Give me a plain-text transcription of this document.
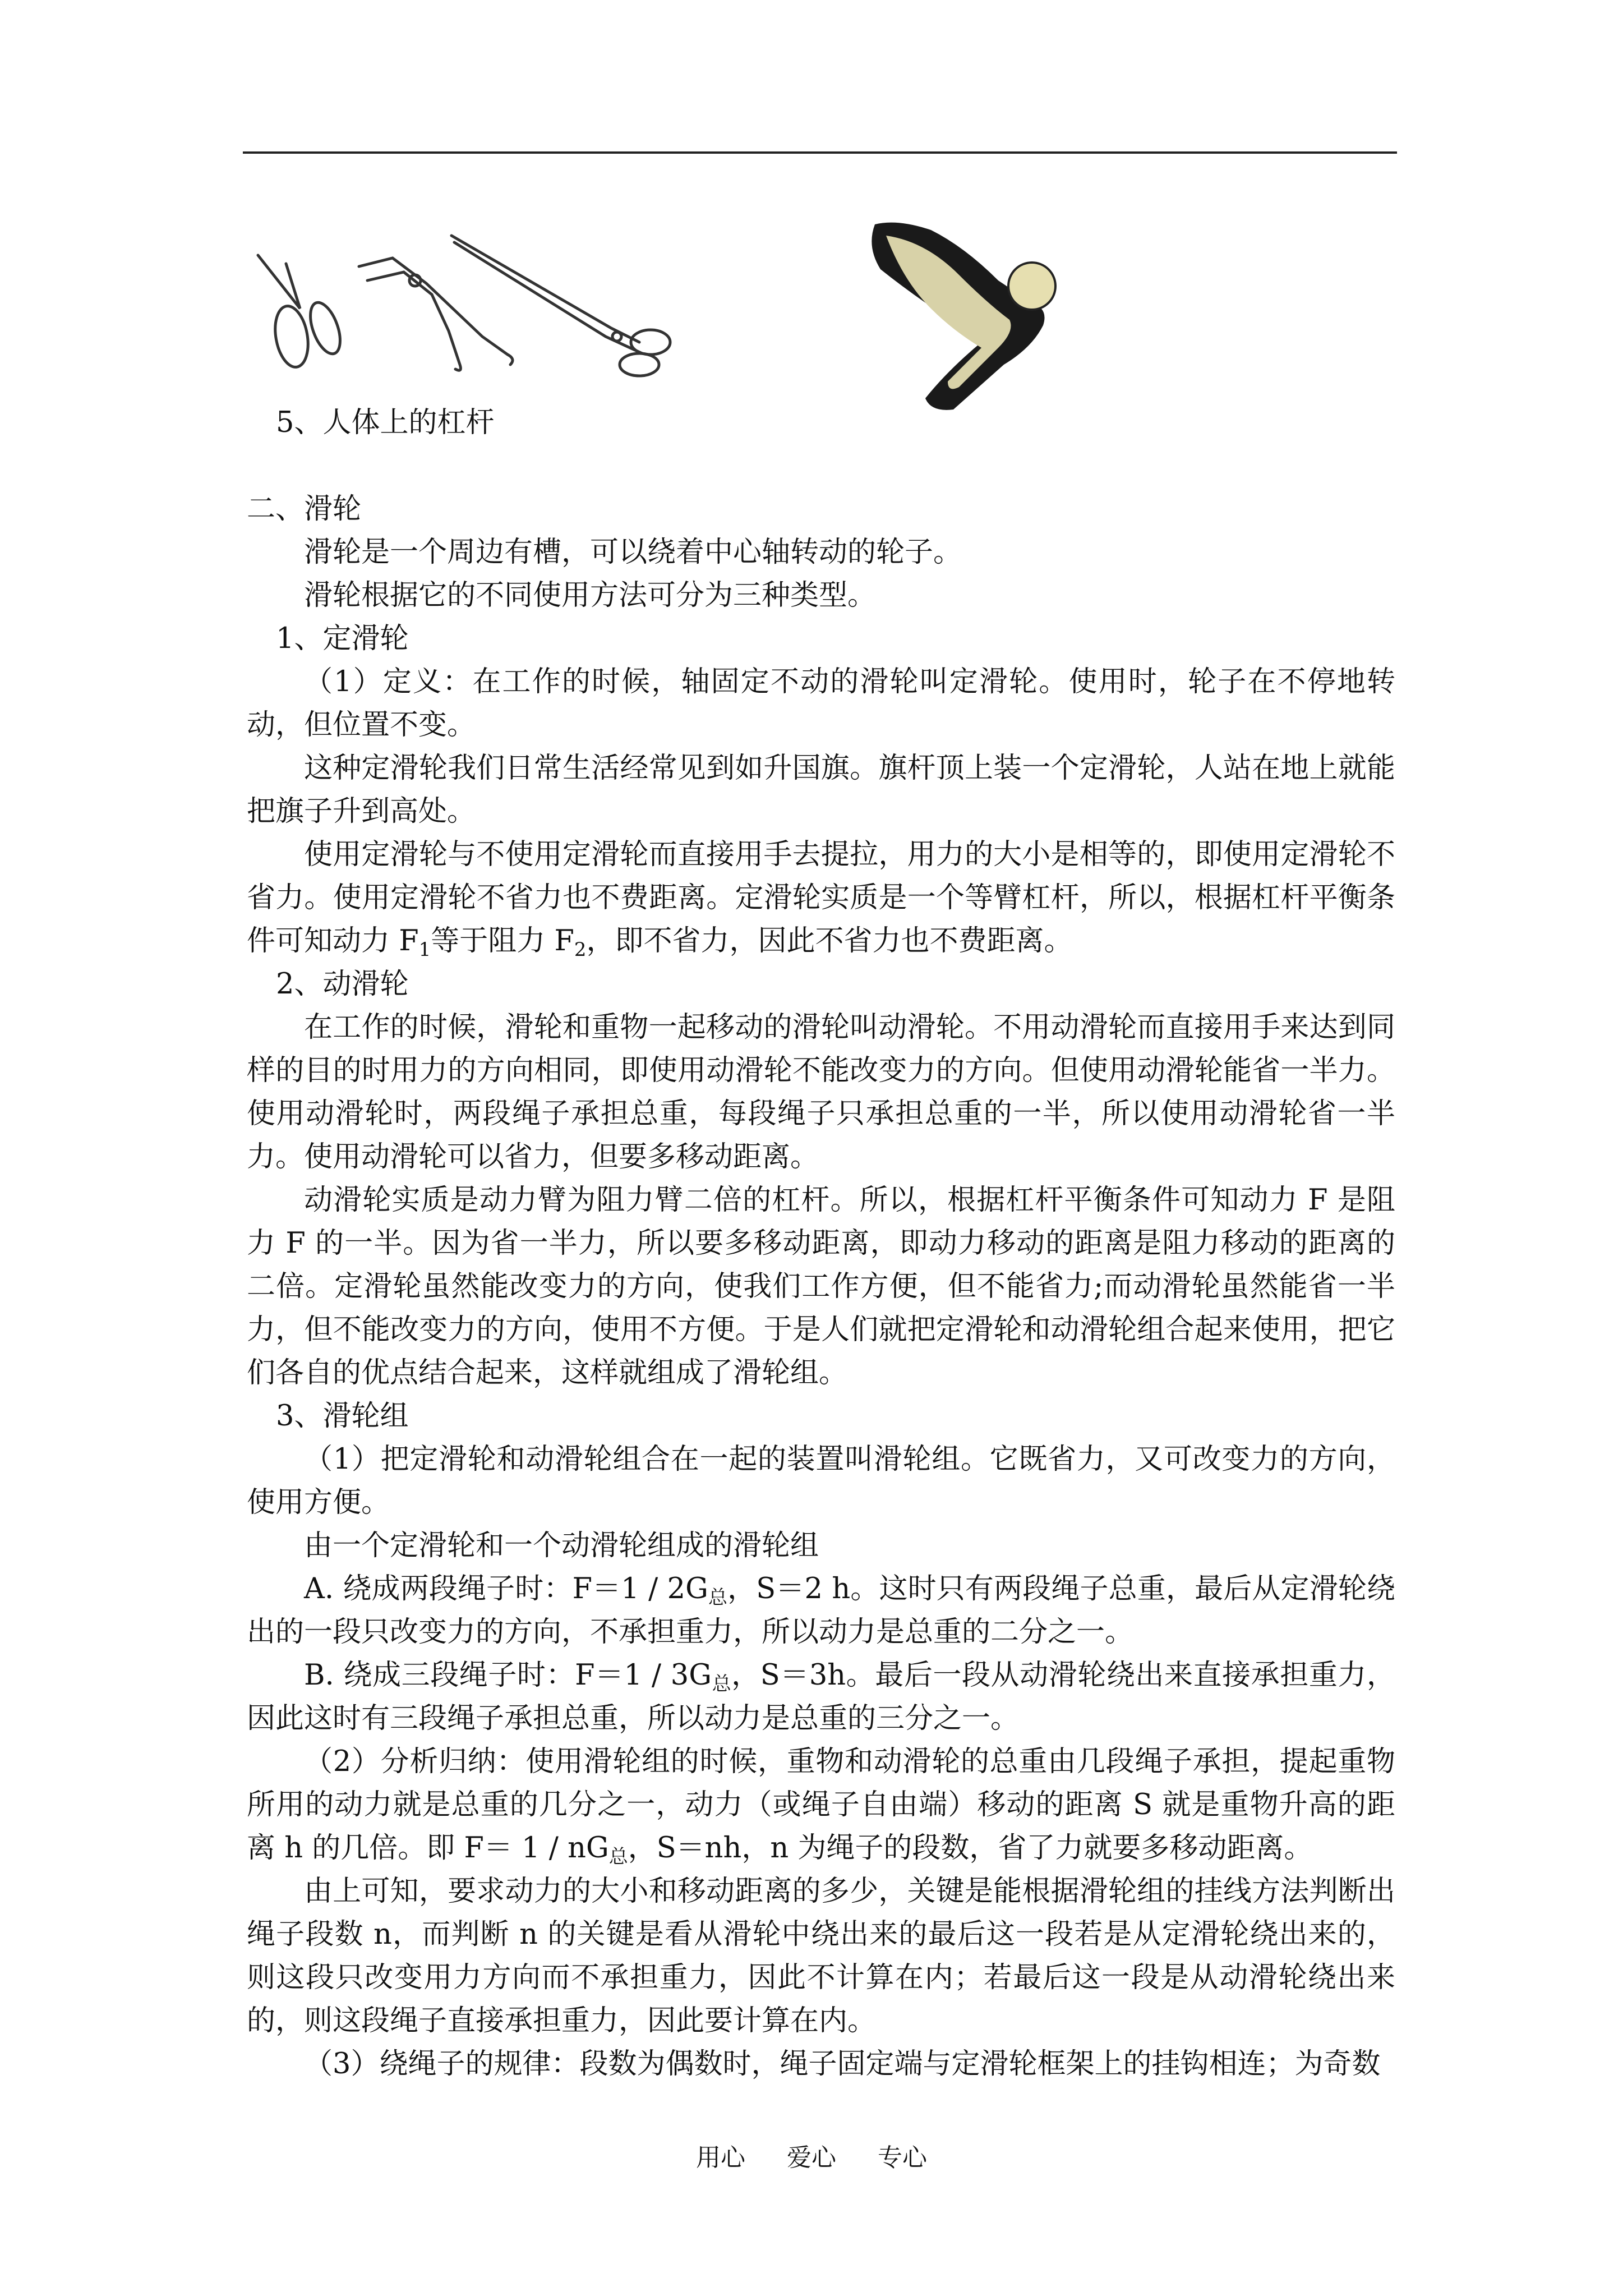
5、人体上的杠杆

二、滑轮

滑轮是一个周边有槽，可以绕着中心轴转动的轮子。

滑轮根据它的不同使用方法可分为三种类型。

1、定滑轮

（1）定义：在工作的时候，轴固定不动的滑轮叫定滑轮。使用时，轮子在不停地转动，但位置不变。

这种定滑轮我们日常生活经常见到如升国旗。旗杆顶上装一个定滑轮，人站在地上就能把旗子升到高处。

使用定滑轮与不使用定滑轮而直接用手去提拉，用力的大小是相等的，即使用定滑轮不省力。使用定滑轮不省力也不费距离。定滑轮实质是一个等臂杠杆，所以，根据杠杆平衡条件可知动力 $F_1$等于阻力 $F_2$，即不省力，因此不省力也不费距离。

2、动滑轮

在工作的时候，滑轮和重物一起移动的滑轮叫动滑轮。不用动滑轮而直接用手来达到同样的目的时用力的方向相同，即使用动滑轮不能改变力的方向。但使用动滑轮能省一半力。使用动滑轮时，两段绳子承担总重，每段绳子只承担总重的一半，所以使用动滑轮省一半力。使用动滑轮可以省力，但要多移动距离。

动滑轮实质是动力臂为阻力臂二倍的杠杆。所以，根据杠杆平衡条件可知动力 F 是阻力 F 的一半。因为省一半力，所以要多移动距离，即动力移动的距离是阻力移动的距离的二倍。定滑轮虽然能改变力的方向，使我们工作方便，但不能省力;而动滑轮虽然能省一半力，但不能改变力的方向，使用不方便。于是人们就把定滑轮和动滑轮组合起来使用，把它们各自的优点结合起来，这样就组成了滑轮组。

3、滑轮组

（1）把定滑轮和动滑轮组合在一起的装置叫滑轮组。它既省力，又可改变力的方向，使用方便。

由一个定滑轮和一个动滑轮组成的滑轮组

A. 绕成两段绳子时：$F=1 / 2G_总$，S＝2 h。这时只有两段绳子总重，最后从定滑轮绕出的一段只改变力的方向，不承担重力，所以动力是总重的二分之一。

B. 绕成三段绳子时：$F=1 / 3G_总$，S＝3h。最后一段从动滑轮绕出来直接承担重力，因此这时有三段绳子承担总重，所以动力是总重的三分之一。

（2）分析归纳：使用滑轮组的时候，重物和动滑轮的总重由几段绳子承担，提起重物所用的动力就是总重的几分之一，动力（或绳子自由端）移动的距离 S 就是重物升高的距离 h 的几倍。即 $F= 1 / nG_总$，S＝nh，n 为绳子的段数，省了力就要多移动距离。

由上可知，要求动力的大小和移动距离的多少，关键是能根据滑轮组的挂线方法判断出绳子段数 n，而判断 n 的关键是看从滑轮中绕出来的最后这一段若是从定滑轮绕出来的，则这段只改变用力方向而不承担重力，因此不计算在内；若最后这一段是从动滑轮绕出来的，则这段绳子直接承担重力，因此要计算在内。

（3）绕绳子的规律：段数为偶数时，绳子固定端与定滑轮框架上的挂钩相连；为奇数

用心 爱心 专心
